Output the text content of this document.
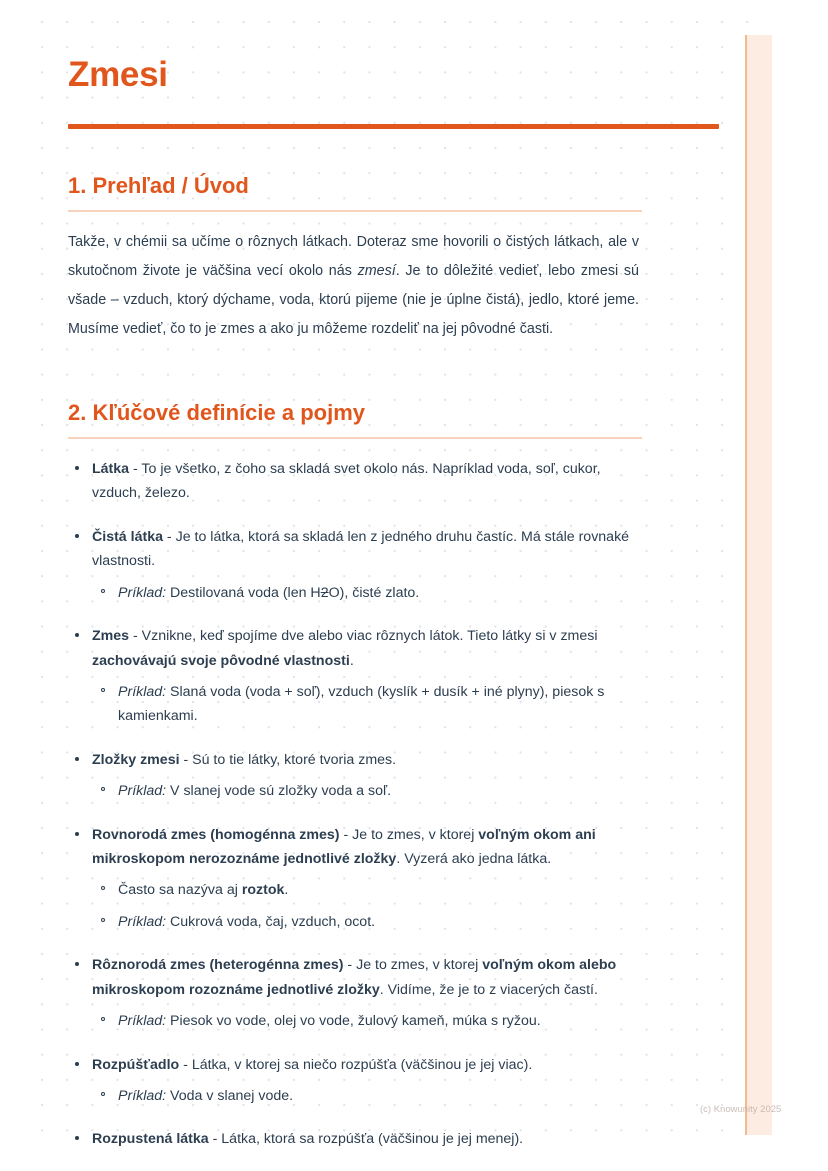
Zmesi
1. Prehľad / Úvod

Takže, v chémii sa učíme o rôznych látkach. Doteraz sme hovorili o čistých látkach, ale v skutočnom živote je väčšina vecí okolo nás zmesí. Je to dôležité vedieť, lebo zmesi sú všade – vzduch, ktorý dýchame, voda, ktorú pijeme (nie je úplne čistá), jedlo, ktoré jeme. Musíme vedieť, čo to je zmes a ako ju môžeme rozdeliť na jej pôvodné časti.

2. Kľúčové definície a pojmy
Látka - To je všetko, z čoho sa skladá svet okolo nás. Napríklad voda, soľ, cukor, vzduch, železo.
Čistá látka - Je to látka, ktorá sa skladá len z jedného druhu častíc. Má stále rovnaké vlastnosti.
Príklad: Destilovaná voda (len H2O), čisté zlato.
Zmes - Vznikne, keď spojíme dve alebo viac rôznych látok. Tieto látky si v zmesi zachovávajú svoje pôvodné vlastnosti.
Príklad: Slaná voda (voda + soľ), vzduch (kyslík + dusík + iné plyny), piesok s kamienkami.
Zložky zmesi - Sú to tie látky, ktoré tvoria zmes.
Príklad: V slanej vode sú zložky voda a soľ.
Rovnorodá zmes (homogénna zmes) - Je to zmes, v ktorej voľným okom ani mikroskopom nerozoznáme jednotlivé zložky. Vyzerá ako jedna látka.
Často sa nazýva aj roztok.
Príklad: Cukrová voda, čaj, vzduch, ocot.
Rôznorodá zmes (heterogénna zmes) - Je to zmes, v ktorej voľným okom alebo mikroskopom rozoznáme jednotlivé zložky. Vidíme, že je to z viacerých častí.
Príklad: Piesok vo vode, olej vo vode, žulový kameň, múka s ryžou.
Rozpúšťadlo - Látka, v ktorej sa niečo rozpúšťa (väčšinou je jej viac).
Príklad: Voda v slanej vode.
Rozpustená látka - Látka, ktorá sa rozpúšťa (väčšinou je jej menej).
(c) Knowunity 2025
